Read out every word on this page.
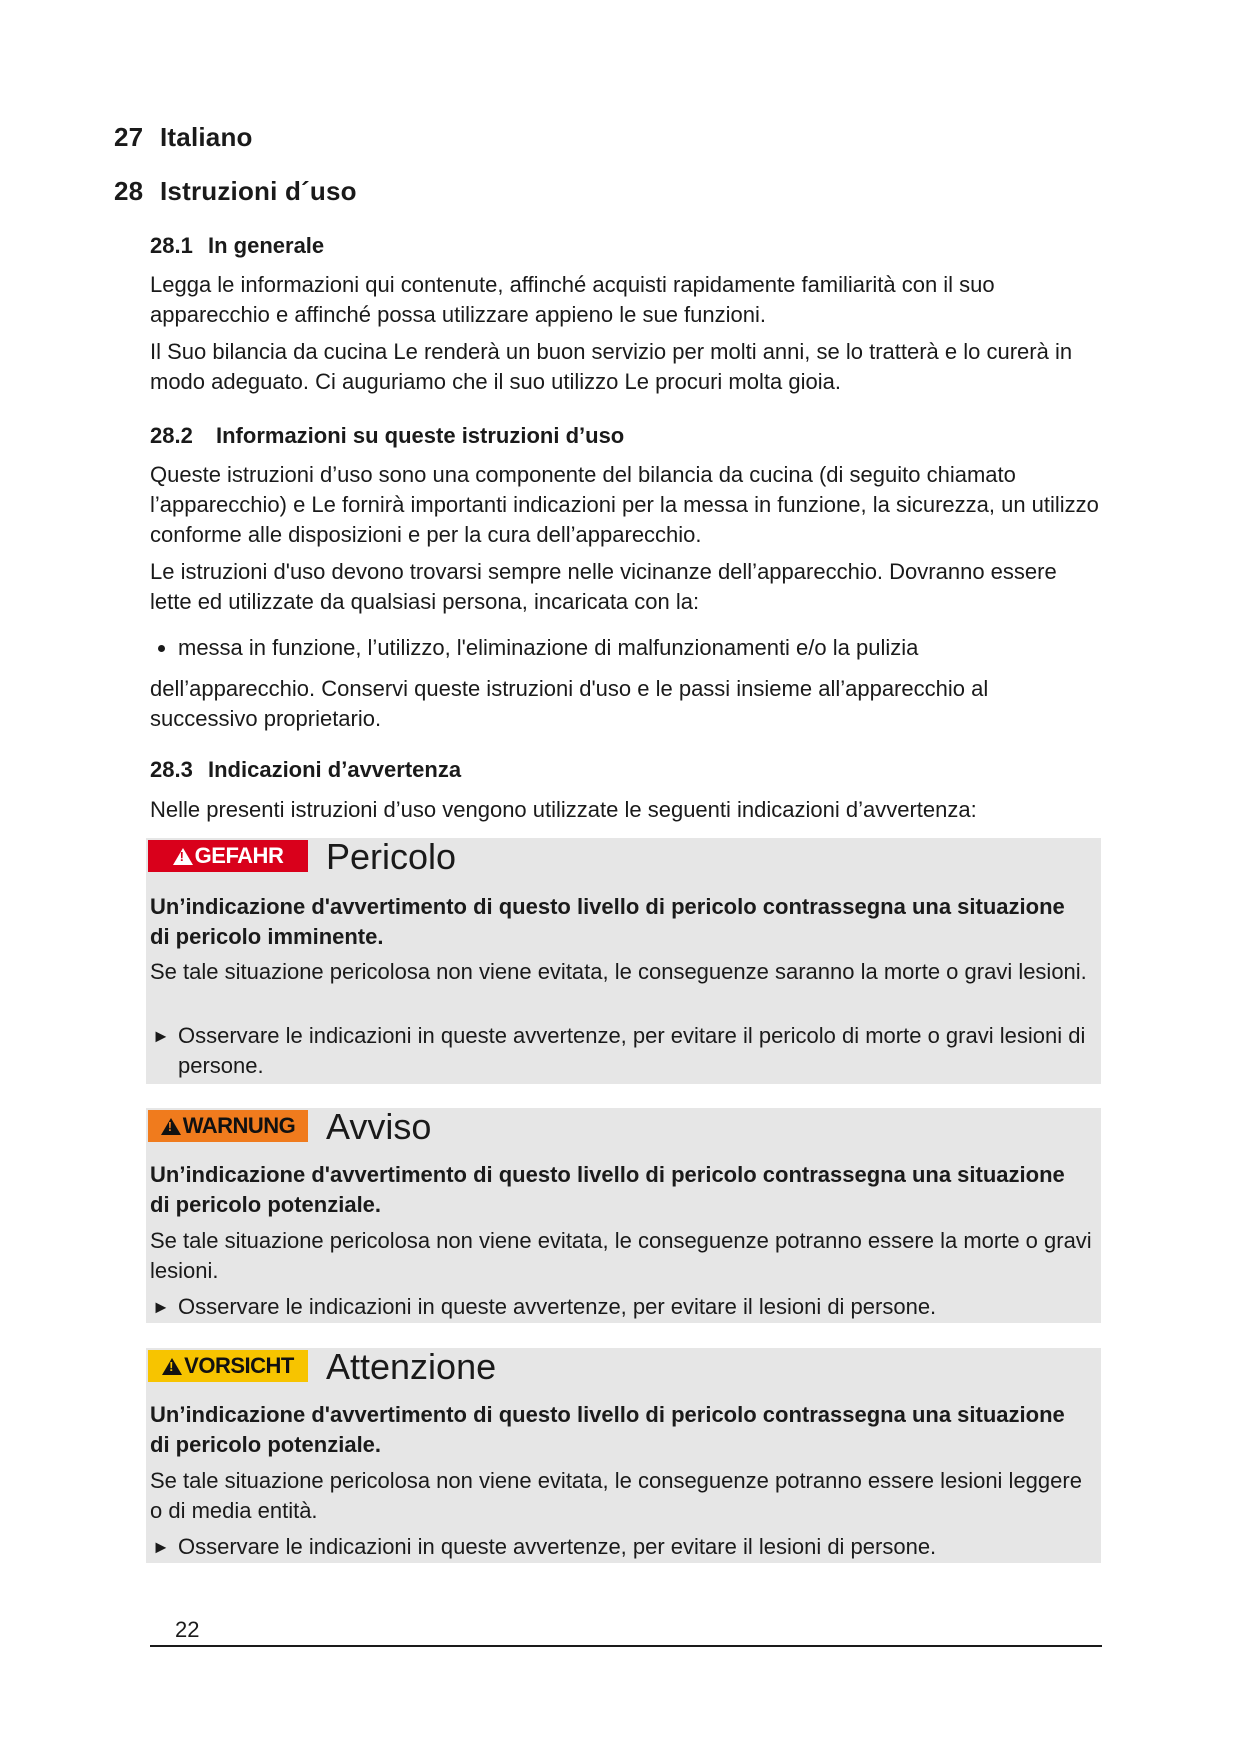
27 Italiano
28 Istruzioni d´uso
28.1 In generale
Legga le informazioni qui contenute, affinché acquisti rapidamente familiarità con il suo apparecchio e affinché possa utilizzare appieno le sue funzioni.
Il Suo bilancia da cucina Le renderà un buon servizio per molti anni, se lo tratterà e lo curerà in modo adeguato. Ci auguriamo che il suo utilizzo Le procuri molta gioia.
28.2 Informazioni su queste istruzioni d’uso
Queste istruzioni d’uso sono una componente del bilancia da cucina (di seguito chiamato l’apparecchio) e Le fornirà importanti indicazioni per la messa in funzione, la sicurezza, un utilizzo conforme alle disposizioni e per la cura dell’apparecchio.
Le istruzioni d'uso devono trovarsi sempre nelle vicinanze dell’apparecchio. Dovranno essere lette ed utilizzate da qualsiasi persona, incaricata con la:
messa in funzione, l’utilizzo, l'eliminazione di malfunzionamenti e/o la pulizia
dell’apparecchio. Conservi queste istruzioni d'uso e le passi insieme all’apparecchio al successivo proprietario.
28.3 Indicazioni d’avvertenza
Nelle presenti istruzioni d’uso vengono utilizzate le seguenti indicazioni d’avvertenza:
!
GEFAHR Pericolo
Un’indicazione d'avvertimento di questo livello di pericolo contrassegna una situazione di pericolo imminente.
Se tale situazione pericolosa non viene evitata, le conseguenze saranno la morte o gravi lesioni.
► Osservare le indicazioni in queste avvertenze, per evitare il pericolo di morte o gravi lesioni di persone.
!
WARNUNG Avviso
Un’indicazione d'avvertimento di questo livello di pericolo contrassegna una situazione di pericolo potenziale.
Se tale situazione pericolosa non viene evitata, le conseguenze potranno essere la morte o gravi lesioni.
► Osservare le indicazioni in queste avvertenze, per evitare il lesioni di persone.
!
VORSICHT Attenzione
Un’indicazione d'avvertimento di questo livello di pericolo contrassegna una situazione di pericolo potenziale.
Se tale situazione pericolosa non viene evitata, le conseguenze potranno essere lesioni leggere o di media entità.
► Osservare le indicazioni in queste avvertenze, per evitare il lesioni di persone.
22
